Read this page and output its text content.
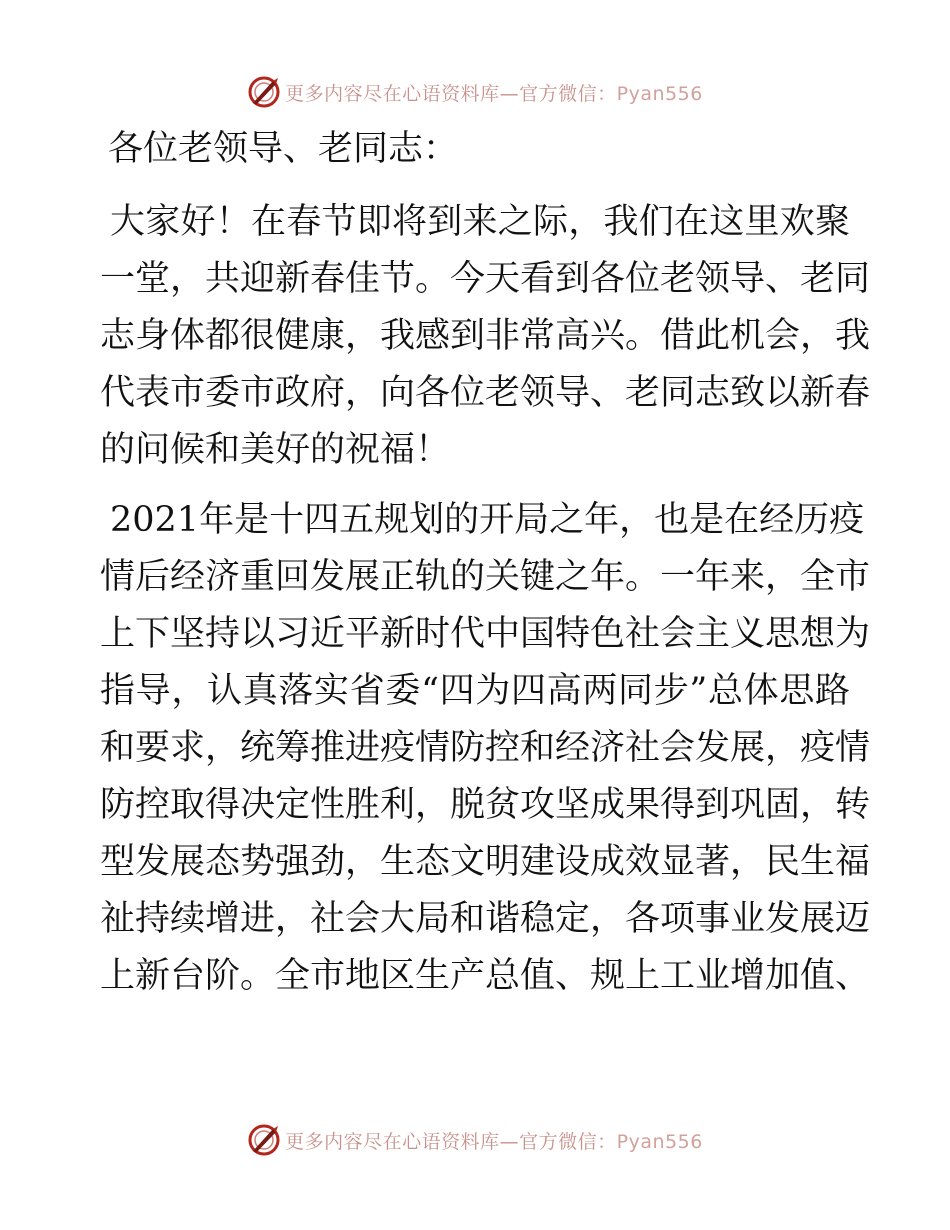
更多内容尽在心语资料库—官方微信：Pyan556

各位老领导、老同志：

大家好！在春节即将到来之际，我们在这里欢聚
一堂，共迎新春佳节。今天看到各位老领导、老同
志身体都很健康，我感到非常高兴。借此机会，我
代表市委市政府，向各位老领导、老同志致以新春
的问候和美好的祝福！
2021年是十四五规划的开局之年，也是在经历疫
情后经济重回发展正轨的关键之年。一年来，全市
上下坚持以习近平新时代中国特色社会主义思想为
指导，认真落实省委“四为四高两同步”总体思路
和要求，统筹推进疫情防控和经济社会发展，疫情
防控取得决定性胜利，脱贫攻坚成果得到巩固，转
型发展态势强劲，生态文明建设成效显著，民生福
祉持续增进，社会大局和谐稳定，各项事业发展迈
上新台阶。全市地区生产总值、规上工业增加值、
更多内容尽在心语资料库—官方微信：Pyan556
